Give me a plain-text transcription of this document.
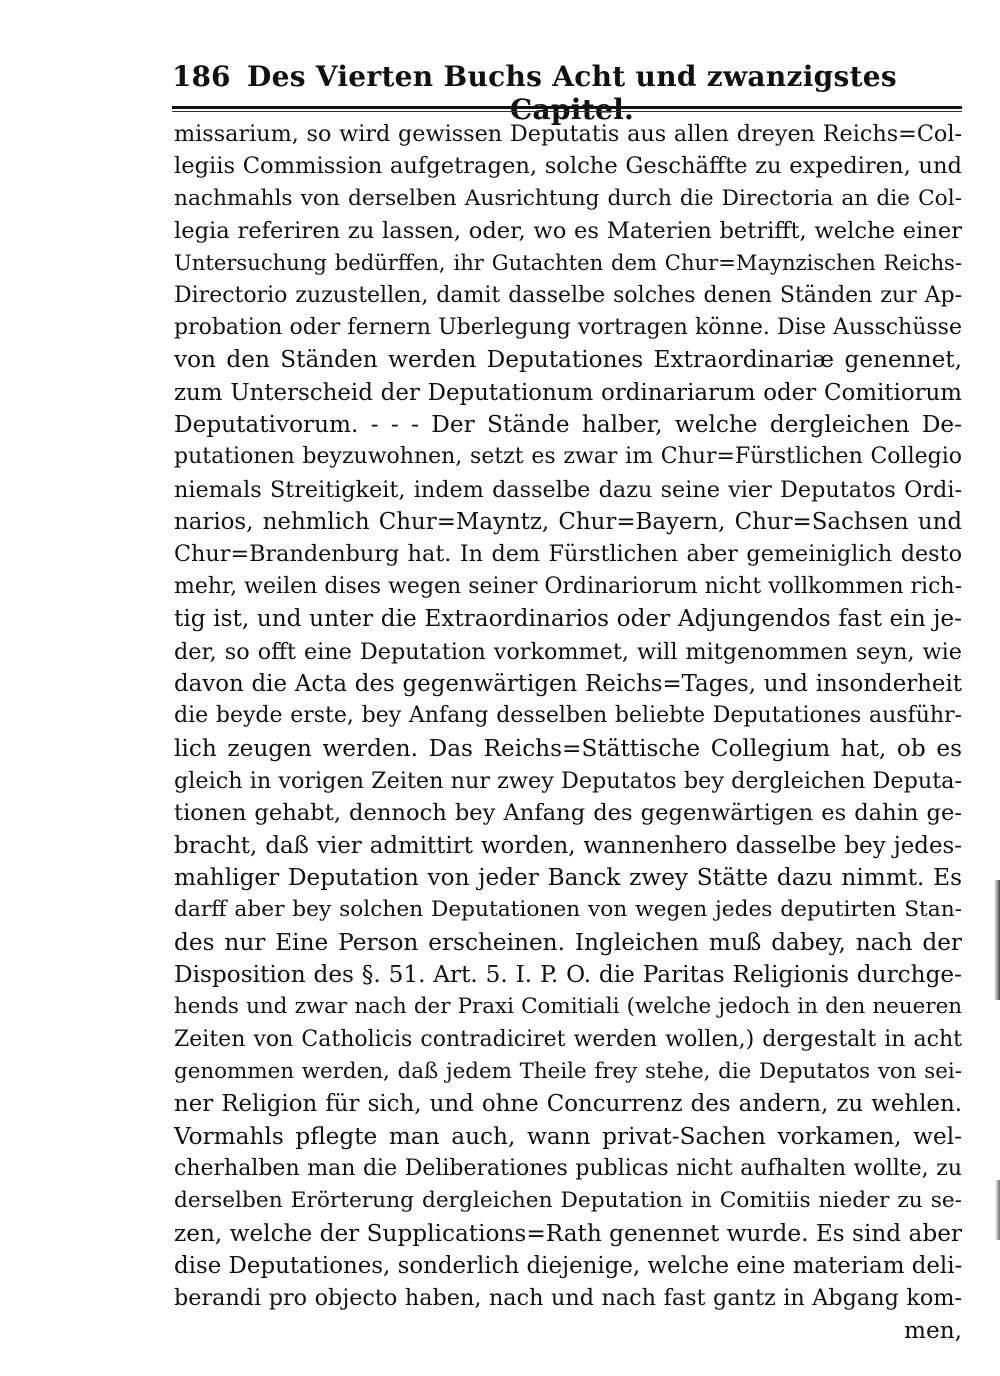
186 Des Vierten Buchs Acht und zwanzigstes Capitel.
missarium, so wird gewissen Deputatis aus allen dreyen Reichs=Col-
legiis Commission aufgetragen, solche Geschäffte zu expediren, und
nachmahls von derselben Ausrichtung durch die Directoria an die Col-
legia referiren zu lassen, oder, wo es Materien betrifft, welche einer
Untersuchung bedürffen, ihr Gutachten dem Chur=Maynzischen Reichs-
Directorio zuzustellen, damit dasselbe solches denen Ständen zur Ap-
probation oder fernern Uberlegung vortragen könne. Dise Ausschüsse
von den Ständen werden Deputationes Extraordinariæ genennet,
zum Unterscheid der Deputationum ordinariarum oder Comitiorum
Deputativorum. - - - Der Stände halber, welche dergleichen De-
putationen beyzuwohnen, setzt es zwar im Chur=Fürstlichen Collegio
niemals Streitigkeit, indem dasselbe dazu seine vier Deputatos Ordi-
narios, nehmlich Chur=Mayntz, Chur=Bayern, Chur=Sachsen und
Chur=Brandenburg hat. In dem Fürstlichen aber gemeiniglich desto
mehr, weilen dises wegen seiner Ordinariorum nicht vollkommen rich-
tig ist, und unter die Extraordinarios oder Adjungendos fast ein je-
der, so offt eine Deputation vorkommet, will mitgenommen seyn, wie
davon die Acta des gegenwärtigen Reichs=Tages, und insonderheit
die beyde erste, bey Anfang desselben beliebte Deputationes ausführ-
lich zeugen werden. Das Reichs=Stättische Collegium hat, ob es
gleich in vorigen Zeiten nur zwey Deputatos bey dergleichen Deputa-
tionen gehabt, dennoch bey Anfang des gegenwärtigen es dahin ge-
bracht, daß vier admittirt worden, wannenhero dasselbe bey jedes-
mahliger Deputation von jeder Banck zwey Stätte dazu nimmt. Es
darff aber bey solchen Deputationen von wegen jedes deputirten Stan-
des nur Eine Person erscheinen. Ingleichen muß dabey, nach der
Disposition des §. 51. Art. 5. I. P. O. die Paritas Religionis durchge-
hends und zwar nach der Praxi Comitiali (welche jedoch in den neueren
Zeiten von Catholicis contradiciret werden wollen,) dergestalt in acht
genommen werden, daß jedem Theile frey stehe, die Deputatos von sei-
ner Religion für sich, und ohne Concurrenz des andern, zu wehlen.
Vormahls pflegte man auch, wann privat-Sachen vorkamen, wel-
cherhalben man die Deliberationes publicas nicht aufhalten wollte, zu
derselben Erörterung dergleichen Deputation in Comitiis nieder zu se-
zen, welche der Supplications=Rath genennet wurde. Es sind aber
dise Deputationes, sonderlich diejenige, welche eine materiam deli-
berandi pro objecto haben, nach und nach fast gantz in Abgang kom-
men,
